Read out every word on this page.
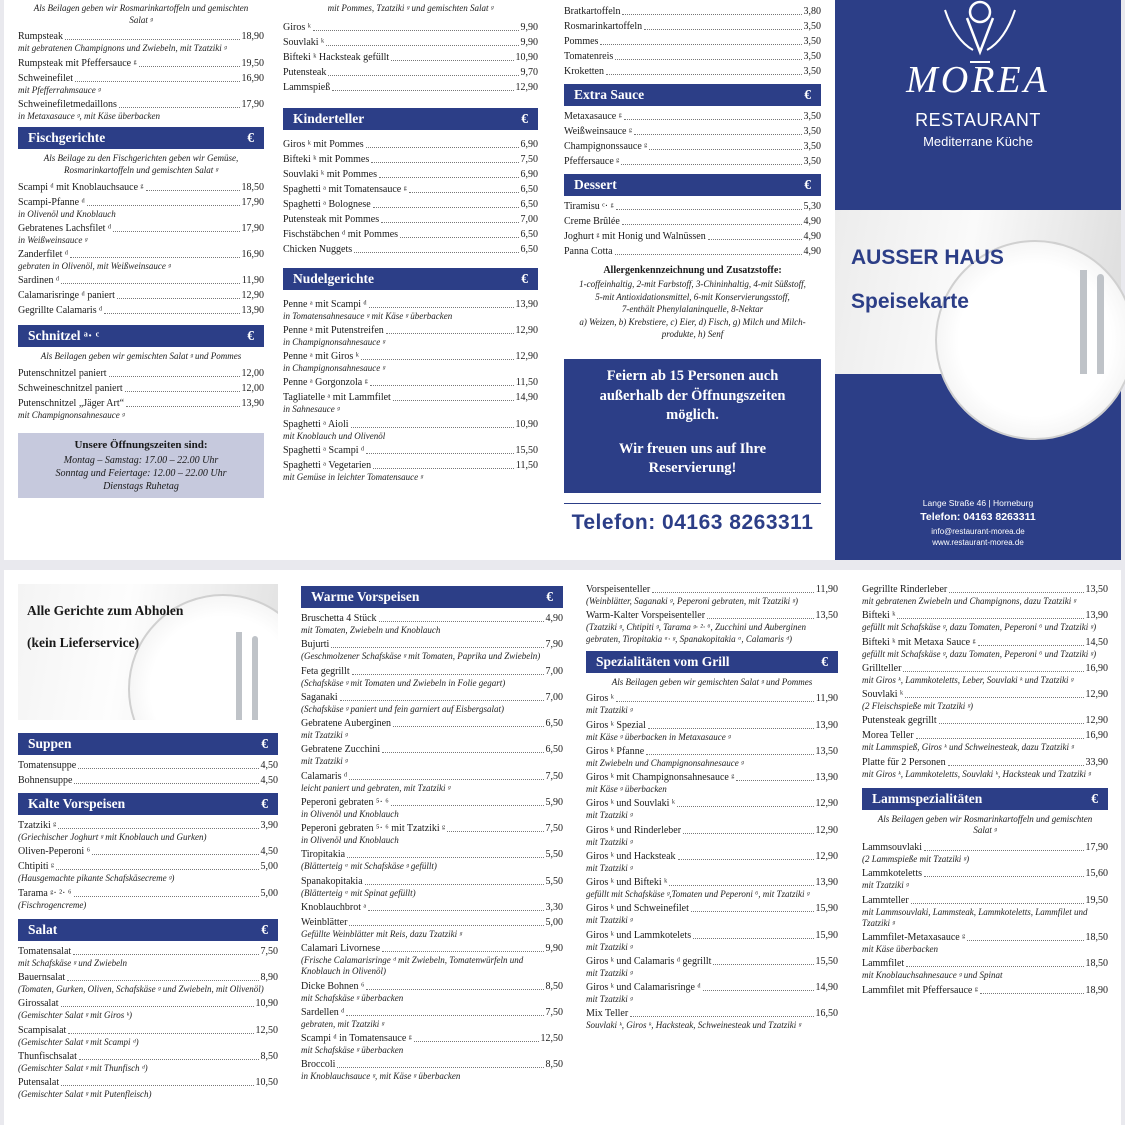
Als Beilagen geben wir Rosmarinkartoffeln und gemischten Salat ᵍ
Rumpsteak	18,90
mit gebratenen Champignons und Zwiebeln, mit Tzatziki ᵍ
Rumpsteak mit Pfeffersauce ᵍ	19,50
Schweinefilet	16,90
mit Pfefferrahmsauce ᵍ
Schweinefiletmedaillons	17,90
in Metaxasauce ᵍ, mit Käse überbacken
Fischgerichte	€
Als Beilage zu den Fischgerichten geben wir Gemüse, Rosmarinkartoffeln und gemischten Salat ᵍ
Scampi ᵈ mit Knoblauchsauce ᵍ	18,50
Scampi-Pfanne ᵈ	17,90
in Olivenöl und Knoblauch
Gebratenes Lachsfilet ᵈ	17,90
in Weißweinsauce ᵍ
Zanderfilet ᵈ	16,90
gebraten in Olivenöl, mit Weißweinsauce ᵍ
Sardinen ᵈ	11,90
Calamarisringe ᵈ paniert	12,90
Gegrillte Calamaris ᵈ	13,90
Schnitzel ᵃ· ᶜ	€
Als Beilagen geben wir gemischten Salat ᵍ und Pommes
Putenschnitzel paniert	12,00
Schweineschnitzel paniert	12,00
Putenschnitzel „Jäger Art“	13,90
mit Champignonsahnesauce ᵍ
Unsere Öffnungszeiten sind:
Montag – Samstag: 17.00 – 22.00 Uhr
Sonntag und Feiertage: 12.00 – 22.00 Uhr
Dienstags Ruhetag
mit Pommes, Tzatziki ᵍ und gemischten Salat ᵍ
Giros ᵏ	9,90
Souvlaki ᵏ	9,90
Bifteki ᵏ Hacksteak gefüllt	10,90
Putensteak	9,70
Lammspieß	12,90
Kinderteller	€
Giros ᵏ mit Pommes	6,90
Bifteki ᵏ mit Pommes	7,50
Souvlaki ᵏ mit Pommes	6,90
Spaghetti ᵃ mit Tomatensauce ᵍ	6,50
Spaghetti ᵃ Bolognese	6,50
Putensteak mit Pommes	7,00
Fischstäbchen ᵈ mit Pommes	6,50
Chicken Nuggets	6,50
Nudelgerichte	€
Penne ᵃ mit Scampi ᵈ	13,90
in Tomatensahnesauce ᵍ mit Käse ᵍ überbacken
Penne ᵃ mit Putenstreifen	12,90
in Champignonsahnesauce ᵍ
Penne ᵃ mit Giros ᵏ	12,90
in Champignonsahnesauce ᵍ
Penne ᵃ Gorgonzola ᵍ	11,50
Tagliatelle ᵃ mit Lammfilet	14,90
in Sahnesauce ᵍ
Spaghetti ᵃ Aioli	10,90
mit Knoblauch und Olivenöl
Spaghetti ᵃ Scampi ᵈ	15,50
Spaghetti ᵃ Vegetarien	11,50
mit Gemüse in leichter Tomatensauce ᵍ
Bratkartoffeln	3,80
Rosmarinkartoffeln	3,50
Pommes	3,50
Tomatenreis	3,50
Kroketten	3,50
Extra Sauce	€
Metaxasauce ᵍ	3,50
Weißweinsauce ᵍ	3,50
Champignonssauce ᵍ	3,50
Pfeffersauce ᵍ	3,50
Dessert	€
Tiramisu ᶜ· ᵍ	5,30
Creme Brûlée	4,90
Joghurt ᵍ mit Honig und Walnüssen	4,90
Panna Cotta	4,90
Allergenkennzeichnung und Zusatzstoffe:
1-coffeinhaltig, 2-mit Farbstoff, 3-Chininhaltig, 4-mit Süßstoff,
5-mit Antioxidationsmittel, 6-mit Konservierungsstoff,
7-enthält Phenylalaninquelle, 8-Nektar
a) Weizen, b) Krebstiere, c) Eier, d) Fisch, g) Milch und Milch-
produkte, h) Senf
Feiern ab 15 Personen auch
außerhalb der Öffnungszeiten
möglich.
Wir freuen uns auf Ihre
Reservierung!
Telefon: 04163 8263311
MOREA
RESTAURANT
Mediterrane Küche
AUSSER HAUS
Speisekarte
Lange Straße 46 | Horneburg
Telefon: 04163 8263311
info@restaurant-morea.de
www.restaurant-morea.de
Alle Gerichte zum Abholen
(kein Lieferservice)
Suppen	€
Tomatensuppe	4,50
Bohnensuppe	4,50
Kalte Vorspeisen	€
Tzatziki ᵍ	3,90
(Griechischer Joghurt ᵍ mit Knoblauch und Gurken)
Oliven-Peperoni ⁶	4,50
Chtipiti ᵍ	5,00
(Hausgemachte pikante Schafskäsecreme ᵍ)
Tarama ᵍ· ²· ⁶	5,00
(Fischrogencreme)
Salat	€
Tomatensalat	7,50
mit Schafskäse ᵍ und Zwiebeln
Bauernsalat	8,90
(Tomaten, Gurken, Oliven, Schafskäse ᵍ und Zwiebeln, mit Olivenöl)
Girossalat	10,90
(Gemischter Salat ᵍ mit Giros ᵏ)
Scampisalat	12,50
(Gemischter Salat ᵍ mit Scampi ᵈ)
Thunfischsalat	8,50
(Gemischter Salat ᵍ mit Thunfisch ᵈ)
Putensalat	10,50
(Gemischter Salat ᵍ mit Putenfleisch)
Warme Vorspeisen	€
Bruschetta 4 Stück	4,90
mit Tomaten, Zwiebeln und Knoblauch
Bujurti	7,90
(Geschmolzener Schafskäse ᵍ mit Tomaten, Paprika und Zwiebeln)
Feta gegrillt	7,00
(Schafskäse ᵍ mit Tomaten und Zwiebeln in Folie gegart)
Saganaki	7,00
(Schafskäse ᵍ paniert und fein garniert auf Eisbergsalat)
Gebratene Auberginen	6,50
mit Tzatziki ᵍ
Gebratene Zucchini	6,50
mit Tzatziki ᵍ
Calamaris ᵈ	7,50
leicht paniert und gebraten, mit Tzatziki ᵍ
Peperoni gebraten ⁵· ⁶	5,90
in Olivenöl und Knoblauch
Peperoni gebraten ⁵· ⁶ mit Tzatziki ᵍ	7,50
in Olivenöl und Knoblauch
Tiropitakia	5,50
(Blätterteig ᵃ mit Schafskäse ᵍ gefüllt)
Spanakopitakia	5,50
(Blätterteig ᵃ mit Spinat gefüllt)
Knoblauchbrot ᵃ	3,30
Weinblätter	5,00
Gefüllte Weinblätter mit Reis, dazu Tzatziki ᵍ
Calamari Livornese	9,90
(Frische Calamarisringe ᵈ mit Zwiebeln, Tomatenwürfeln und Knoblauch in Olivenöl)
Dicke Bohnen ⁶	8,50
mit Schafskäse ᵍ überbacken
Sardellen ᵈ	7,50
gebraten, mit Tzatziki ᵍ
Scampi ᵈ in Tomatensauce ᵍ	12,50
mit Schafskäse ᵍ überbacken
Broccoli	8,50
in Knoblauchsauce ᵍ, mit Käse ᵍ überbacken
Vorspeisenteller	11,90
(Weinblätter, Saganaki ᵍ, Peperoni gebraten, mit Tzatziki ᵍ)
Warm-Kalter Vorspeisenteller	13,50
(Tzatziki ᵍ, Chtipiti ᵍ, Tarama ᵍ· ²· ⁶, Zucchini und Auberginen gebraten, Tiropitakia ᵃ· ᵍ, Spanakopitakia ᵃ, Calamaris ᵈ)
Spezialitäten vom Grill	€
Als Beilagen geben wir gemischten Salat ᵍ und Pommes
Giros ᵏ	11,90
mit Tzatziki ᵍ
Giros ᵏ Spezial	13,90
mit Käse ᵍ überbacken in Metaxasauce ᵍ
Giros ᵏ Pfanne	13,50
mit Zwiebeln und Champignonsahnesauce ᵍ
Giros ᵏ mit Champignonsahnesauce ᵍ	13,90
mit Käse ᵍ überbacken
Giros ᵏ und Souvlaki ᵏ	12,90
mit Tzatziki ᵍ
Giros ᵏ und Rinderleber	12,90
mit Tzatziki ᵍ
Giros ᵏ und Hacksteak	12,90
mit Tzatziki ᵍ
Giros ᵏ und Bifteki ᵏ	13,90
gefüllt mit Schafskäse ᵍ,Tomaten und Peperoni ⁶, mit Tzatziki ᵍ
Giros ᵏ und Schweinefilet	15,90
mit Tzatziki ᵍ
Giros ᵏ und Lammkotelets	15,90
mit Tzatziki ᵍ
Giros ᵏ und Calamaris ᵈ gegrillt	15,50
mit Tzatziki ᵍ
Giros ᵏ und Calamarisringe ᵈ	14,90
mit Tzatziki ᵍ
Mix Teller	16,50
Souvlaki ᵏ, Giros ᵏ, Hacksteak, Schweinesteak und Tzatziki ᵍ
Gegrillte Rinderleber	13,50
mit gebratenen Zwiebeln und Champignons, dazu Tzatziki ᵍ
Bifteki ᵏ	13,90
gefüllt mit Schafskäse ᵍ, dazu Tomaten, Peperoni ⁶ und Tzatziki ᵍ)
Bifteki ᵏ mit Metaxa Sauce ᵍ	14,50
gefüllt mit Schafskäse ᵍ, dazu Tomaten, Peperoni ⁶ und Tzatziki ᵍ)
Grillteller	16,90
mit Giros ᵏ, Lammkoteletts, Leber, Souvlaki ᵏ und Tzatziki ᵍ
Souvlaki ᵏ	12,90
(2 Fleischspieße mit Tzatziki ᵍ)
Putensteak gegrillt	12,90
Morea Teller	16,90
mit Lammspieß, Giros ᵏ und Schweinesteak, dazu Tzatziki ᵍ
Platte für 2 Personen	33,90
mit Giros ᵏ, Lammkoteletts, Souvlaki ᵏ, Hacksteak und Tzatziki ᵍ
Lammspezialitäten	€
Als Beilagen geben wir Rosmarinkartoffeln und gemischten Salat ᵍ
Lammsouvlaki	17,90
(2 Lammspieße mit Tzatziki ᵍ)
Lammkoteletts	15,60
mit Tzatziki ᵍ
Lammteller	19,50
mit Lammsouvlaki, Lammsteak, Lammkoteletts, Lammfilet und Tzatziki ᵍ
Lammfilet-Metaxasauce ᵍ	18,50
mit Käse überbacken
Lammfilet	18,50
mit Knoblauchsahnesauce ᵍ und Spinat
Lammfilet mit Pfeffersauce ᵍ	18,90
